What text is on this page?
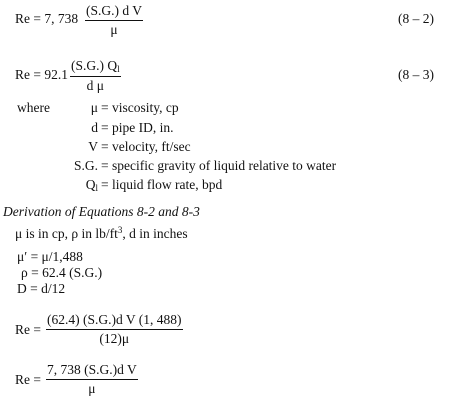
Re = 7, $738 \frac{\text{(S.G.) d V}}{\mu}$	(8 – 2)
$Re = 92.1 \frac{(S.G.) Q_l}{\text{d μ}}$	(8 – 3)
where	μ = viscosity, cp
d = pipe ID, in.
V = velocity, ft/sec
S.G. = specific gravity of liquid relative to water
$Q_l$ = liquid flow rate, bpd
Derivation of Equations 8-2 and 8-3
μ is in cp, ρ in $lb/ft^3$, d in inches
μ′ = μ/1,488
ρ = 62.4 (S.G.)
D = d/12
$Re = \frac{\text{(62.4) (S.G.)d V (1, 488)}}{(12)\mu}$
$Re = \frac{\text{7, 738 (S.G.)d V}}{\mu}$
